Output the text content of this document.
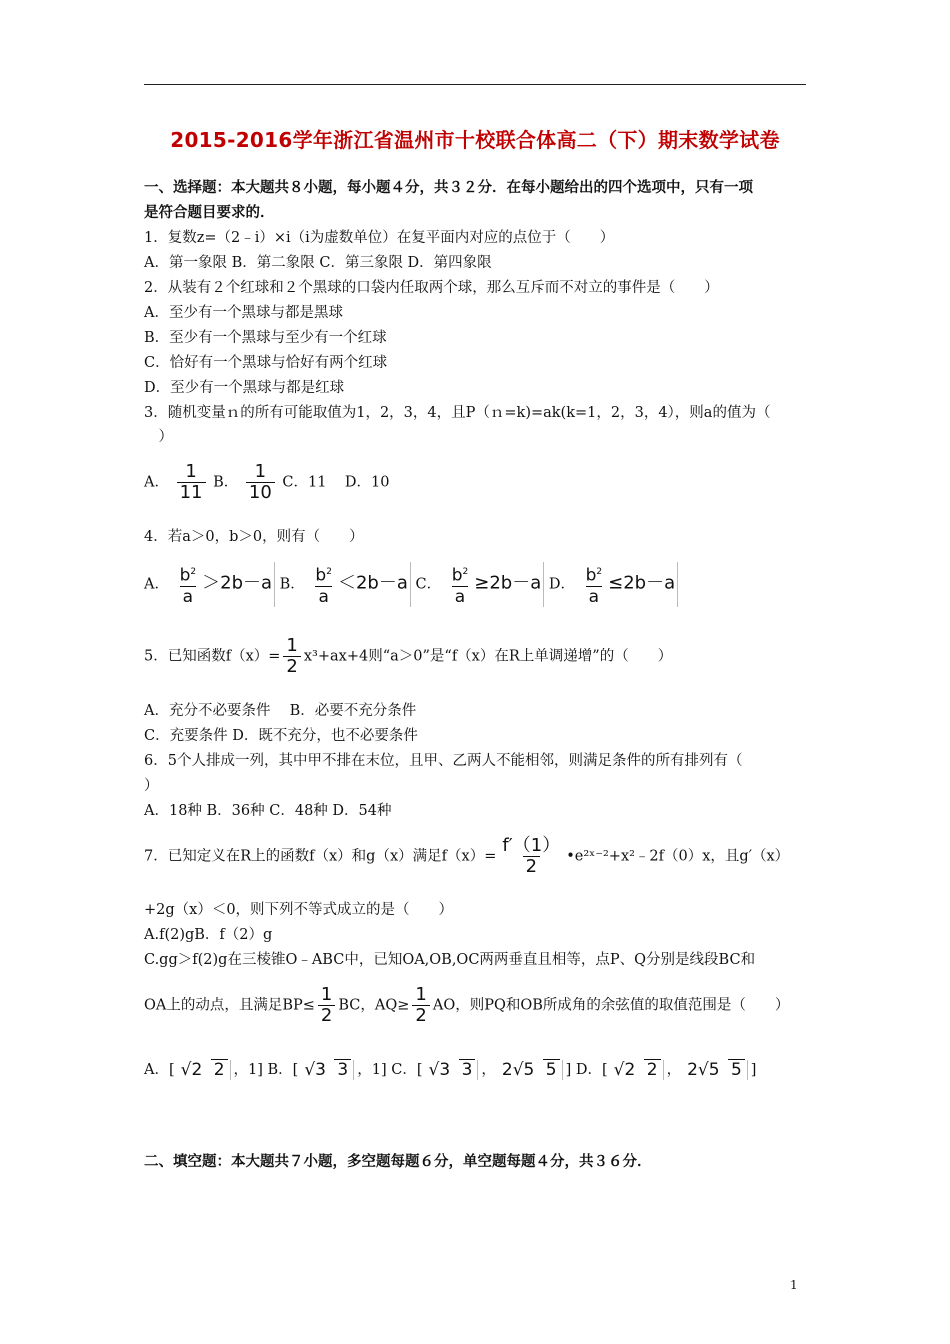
2015-2016学年浙江省温州市十校联合体高二（下）期末数学试卷
一、选择题：本大题共８小题，每小题４分，共３２分．在每小题给出的四个选项中，只有一项
是符合题目要求的．
1．复数z=（2﹣i）×i（i为虚数单位）在复平面内对应的点位于（　　）
A．第一象限 B．第二象限 C．第三象限 D．第四象限
2．从装有２个红球和２个黑球的口袋内任取两个球，那么互斥而不对立的事件是（　　）
A．至少有一个黑球与都是黑球
B．至少有一个黑球与至少有一个红球
C．恰好有一个黑球与恰好有两个红球
D．至少有一个黑球与都是红球
3．随机变量ｎ的所有可能取值为1，2，3，4，且P（ｎ=k)=ak(k=1，2，3，4），则a的值为（
　）
A． $\frac{1}{11}$ B． $\frac{1}{10}$ C．11 D．10
4．若a＞0，b＞0，则有（　　）
A． $\frac{b^2}{a} >2b-a$ B． $\frac{b^2}{a} <2b-a$ C． $\frac{b^2}{a} \ge 2b-a$ D． $\frac{b^2}{a} \le 2b-a$
5．已知函数$f(x)= \frac{1}{2} x^3+ax+4$则“a＞0”是“f（x）在R上单调递增”的（　　）
A．充分不必要条件　 B．必要不充分条件
C．充要条件 D．既不充分，也不必要条件
6．5个人排成一列，其中甲不排在末位，且甲、乙两人不能相邻，则满足条件的所有排列有（
）
A．18种 B．36种 C．48种 D．54种
7．已知定义在R上的函数f（x）和g（x）满足$f(x)= \frac{f'(1)}{2}$ •e²ˣ⁻²+x²﹣2f（0）x，且g′（x）
+2g（x）＜0，则下列不等式成立的是（　　）
A.f(2)gB．f（2）g
C.gg＞f(2)g在三棱锥O﹣ABC中，已知OA,OB,OC两两垂直且相等，点P、Q分别是线段BC和
OA上的动点，且满足$BP\le \frac{1}{2}$ BC，$AQ\ge \frac{1}{2}$ AO，则PQ和OB所成角的余弦值的取值范围是（　　）
A．[ √2 2 ，1] B．[ √3 3 ，1] C．[ √3 3 ， 2√5 5 ] D．[ √2 2 ， 2√5 5 ]
二、填空题：本大题共７小题，多空题每题６分，单空题每题４分，共３６分．
1
